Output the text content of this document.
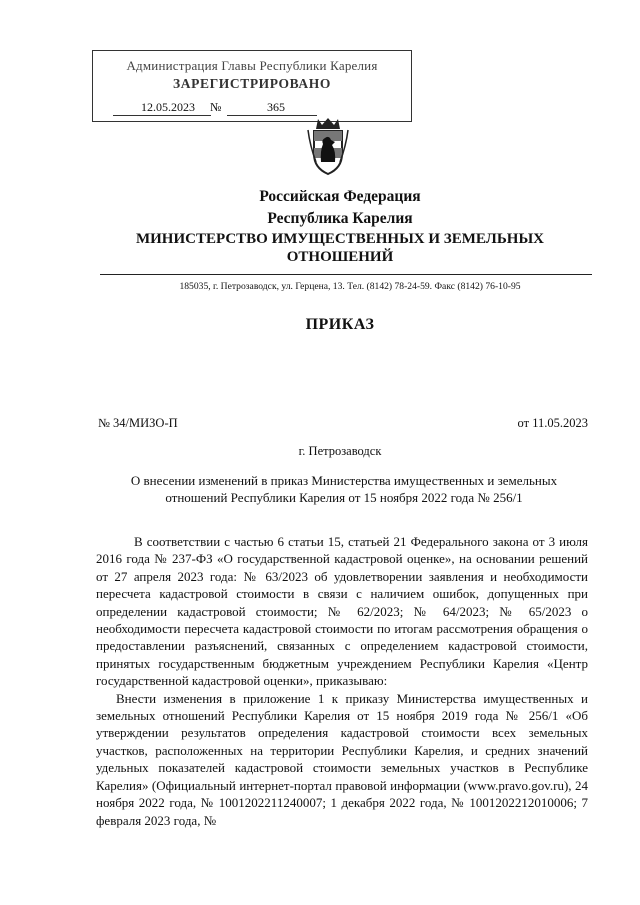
Администрация Главы Республики Карелия
ЗАРЕГИСТРИРОВАНО
12.05.2023 №	365
Российская Федерация
Республика Карелия
МИНИСТЕРСТВО ИМУЩЕСТВЕННЫХ И ЗЕМЕЛЬНЫХ
ОТНОШЕНИЙ
185035, г. Петрозаводск, ул. Герцена, 13. Тел. (8142) 78-24-59. Факс (8142) 76-10-95
ПРИКАЗ
№ 34/МИЗО-П	от 11.05.2023
г. Петрозаводск
О внесении изменений в приказ Министерства имущественных и земельных отношений Республики Карелия от 15 ноября 2022 года № 256/1

В соответствии с частью 6 статьи 15, статьей 21 Федерального закона от 3 июля 2016 года № 237-ФЗ «О государственной кадастровой оценке», на основании решений от 27 апреля 2023 года: № 63/2023 об удовлетворении заявления и необходимости пересчета кадастровой стоимости в связи с наличием ошибок, допущенных при определении кадастровой стоимости; № 62/2023; № 64/2023; № 65/2023 о необходимости пересчета кадастровой стоимости по итогам рассмотрения обращения о предоставлении разъяснений, связанных с определением кадастровой стоимости, принятых государственным бюджетным учреждением Республики Карелия «Центр государственной кадастровой оценки», приказываю:

Внести изменения в приложение 1 к приказу Министерства имущественных и земельных отношений Республики Карелия от 15 ноября 2019 года № 256/1 «Об утверждении результатов определения кадастровой стоимости всех земельных участков, расположенных на территории Республики Карелия, и средних значений удельных показателей кадастровой стоимости земельных участков в Республике Карелия» (Официальный интернет-портал правовой информации (www.pravo.gov.ru), 24 ноября 2022 года, № 1001202211240007; 1 декабря 2022 года, № 1001202212010006; 7 февраля 2023 года, №
